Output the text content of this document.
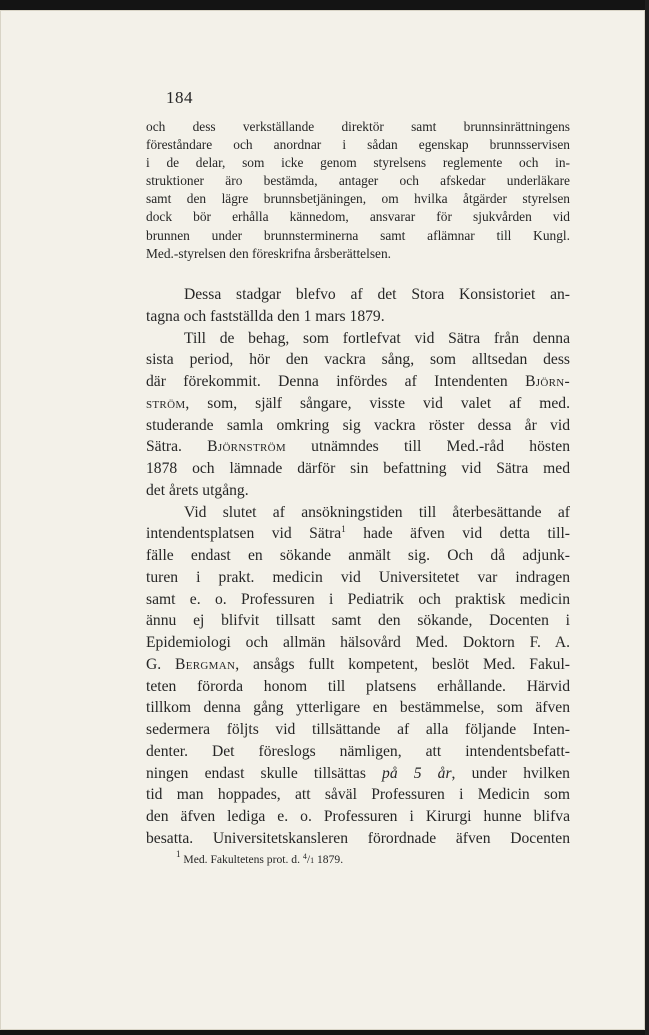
184
och dess verkställande direktör samt brunnsinrättningens
föreståndare och anordnar i sådan egenskap brunnsservisen
i de delar, som icke genom styrelsens reglemente och in-
struktioner äro bestämda, antager och afskedar underläkare
samt den lägre brunnsbetjäningen, om hvilka åtgärder styrelsen
dock bör erhålla kännedom, ansvarar för sjukvården vid
brunnen under brunnsterminerna samt aflämnar till Kungl.
Med.-styrelsen den föreskrifna årsberättelsen.
Dessa stadgar blefvo af det Stora Konsistoriet an-
tagna och fastställda den 1 mars 1879.
Till de behag, som fortlefvat vid Sätra från denna
sista period, hör den vackra sång, som alltsedan dess
där förekommit. Denna infördes af Intendenten Björn-
ström, som, själf sångare, visste vid valet af med.
studerande samla omkring sig vackra röster dessa år vid
Sätra. Björnström utnämndes till Med.-råd hösten
1878 och lämnade därför sin befattning vid Sätra med
det årets utgång.
Vid slutet af ansökningstiden till återbesättande af
intendentsplatsen vid Sätra$^1$ hade äfven vid detta till-
fälle endast en sökande anmält sig. Och då adjunk-
turen i prakt. medicin vid Universitetet var indragen
samt e. o. Professuren i Pediatrik och praktisk medicin
ännu ej blifvit tillsatt samt den sökande, Docenten i
Epidemiologi och allmän hälsovård Med. Doktorn F. A.
G. Bergman, ansågs fullt kompetent, beslöt Med. Fakul-
teten förorda honom till platsens erhållande. Härvid
tillkom denna gång ytterligare en bestämmelse, som äfven
sedermera följts vid tillsättande af alla följande Inten-
denter. Det föreslogs nämligen, att intendentsbefatt-
ningen endast skulle tillsättas på 5 år, under hvilken
tid man hoppades, att såväl Professuren i Medicin som
den äfven lediga e. o. Professuren i Kirurgi hunne blifva
besatta. Universitetskansleren förordnade äfven Docenten
$^1$ Med. Fakultetens prot. d. $^4$/1 1879.
